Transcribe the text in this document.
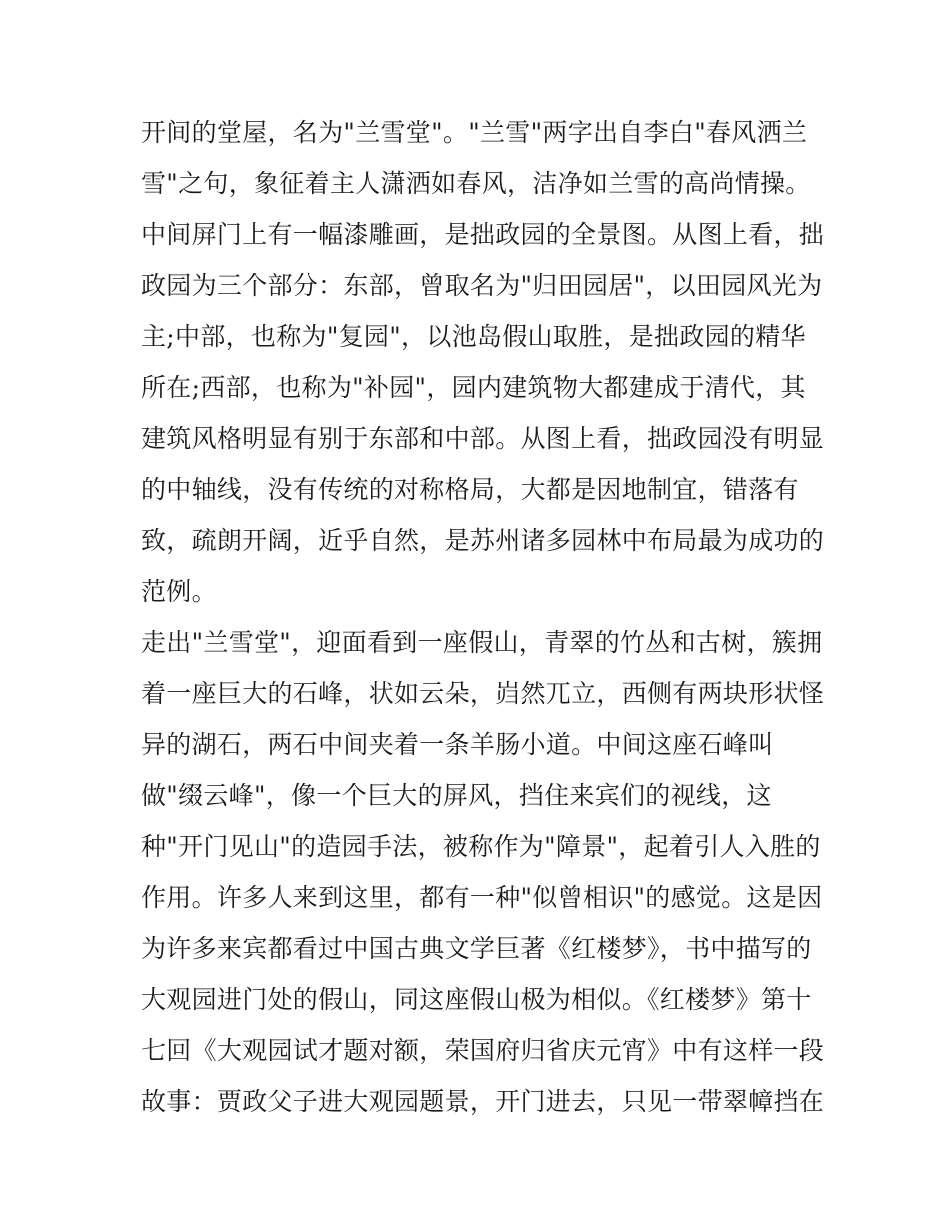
开间的堂屋，名为"兰雪堂"。"兰雪"两字出自李白"春风洒兰
雪"之句，象征着主人潇洒如春风，洁净如兰雪的高尚情操。
中间屏门上有一幅漆雕画，是拙政园的全景图。从图上看，拙
政园为三个部分：东部，曾取名为"归田园居"，以田园风光为
主;中部，也称为"复园"，以池岛假山取胜，是拙政园的精华
所在;西部，也称为"补园"，园内建筑物大都建成于清代，其
建筑风格明显有别于东部和中部。从图上看，拙政园没有明显
的中轴线，没有传统的对称格局，大都是因地制宜，错落有
致，疏朗开阔，近乎自然，是苏州诸多园林中布局最为成功的
范例。
走出"兰雪堂"，迎面看到一座假山，青翠的竹丛和古树，簇拥
着一座巨大的石峰，状如云朵，岿然兀立，西侧有两块形状怪
异的湖石，两石中间夹着一条羊肠小道。中间这座石峰叫
做"缀云峰"，像一个巨大的屏风，挡住来宾们的视线，这
种"开门见山"的造园手法，被称作为"障景"，起着引人入胜的
作用。许多人来到这里，都有一种"似曾相识"的感觉。这是因
为许多来宾都看过中国古典文学巨著《红楼梦》，书中描写的
大观园进门处的假山，同这座假山极为相似。《红楼梦》第十
七回《大观园试才题对额，荣国府归省庆元宵》中有这样一段
故事：贾政父子进大观园题景，开门进去，只见一带翠幛挡在
